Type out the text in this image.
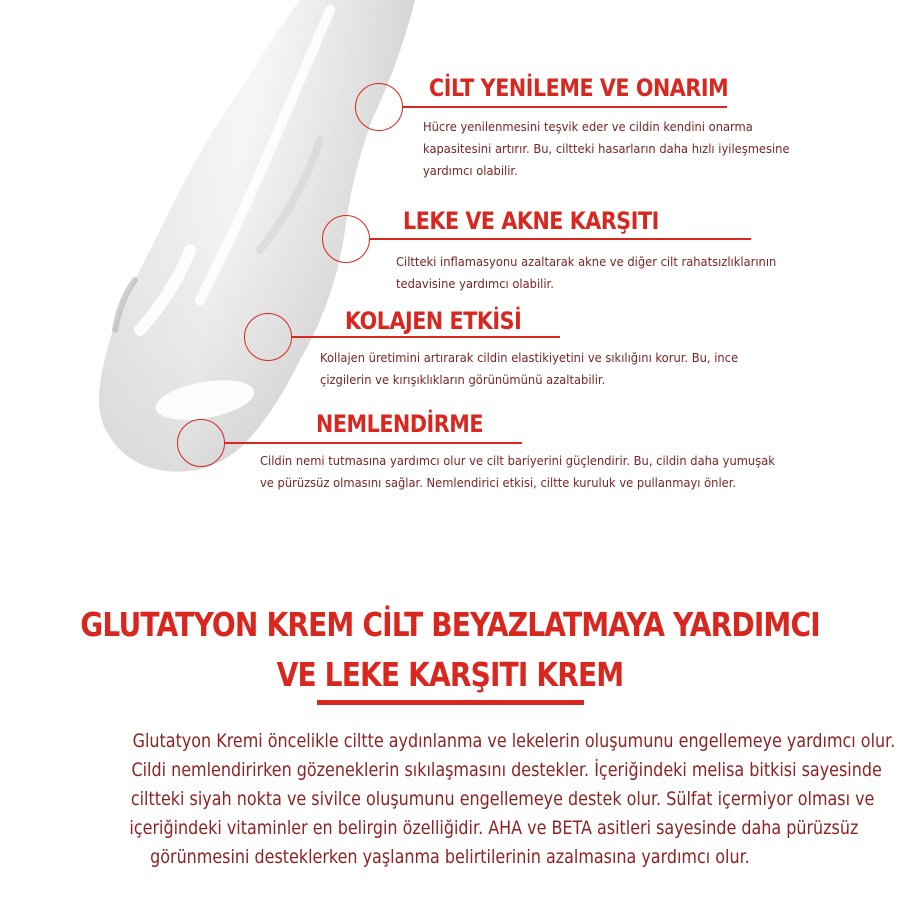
CİLT YENİLEME VE ONARIM
Hücre yenilenmesini teşvik eder ve cildin kendini onarma
kapasitesini artırır. Bu, ciltteki hasarların daha hızlı iyileşmesine
yardımcı olabilir.
LEKE VE AKNE KARŞITI
Ciltteki inflamasyonu azaltarak akne ve diğer cilt rahatsızlıklarının
tedavisine yardımcı olabilir.
KOLAJEN ETKİSİ
Kollajen üretimini artırarak cildin elastikiyetini ve sıkılığını korur. Bu, ince
çizgilerin ve kırışıklıkların görünümünü azaltabilir.
NEMLENDİRME
Cildin nemi tutmasına yardımcı olur ve cilt bariyerini güçlendirir. Bu, cildin daha yumuşak
ve pürüzsüz olmasını sağlar. Nemlendirici etkisi, ciltte kuruluk ve pullanmayı önler.
GLUTATYON KREM CİLT BEYAZLATMAYA YARDIMCI
VE LEKE KARŞITI KREM
Glutatyon Kremi öncelikle ciltte aydınlanma ve lekelerin oluşumunu engellemeye yardımcı olur.
Cildi nemlendirirken gözeneklerin sıkılaşmasını destekler. İçeriğindeki melisa bitkisi sayesinde
ciltteki siyah nokta ve sivilce oluşumunu engellemeye destek olur. Sülfat içermiyor olması ve
içeriğindeki vitaminler en belirgin özelliğidir. AHA ve BETA asitleri sayesinde daha pürüzsüz
görünmesini desteklerken yaşlanma belirtilerinin azalmasına yardımcı olur.
